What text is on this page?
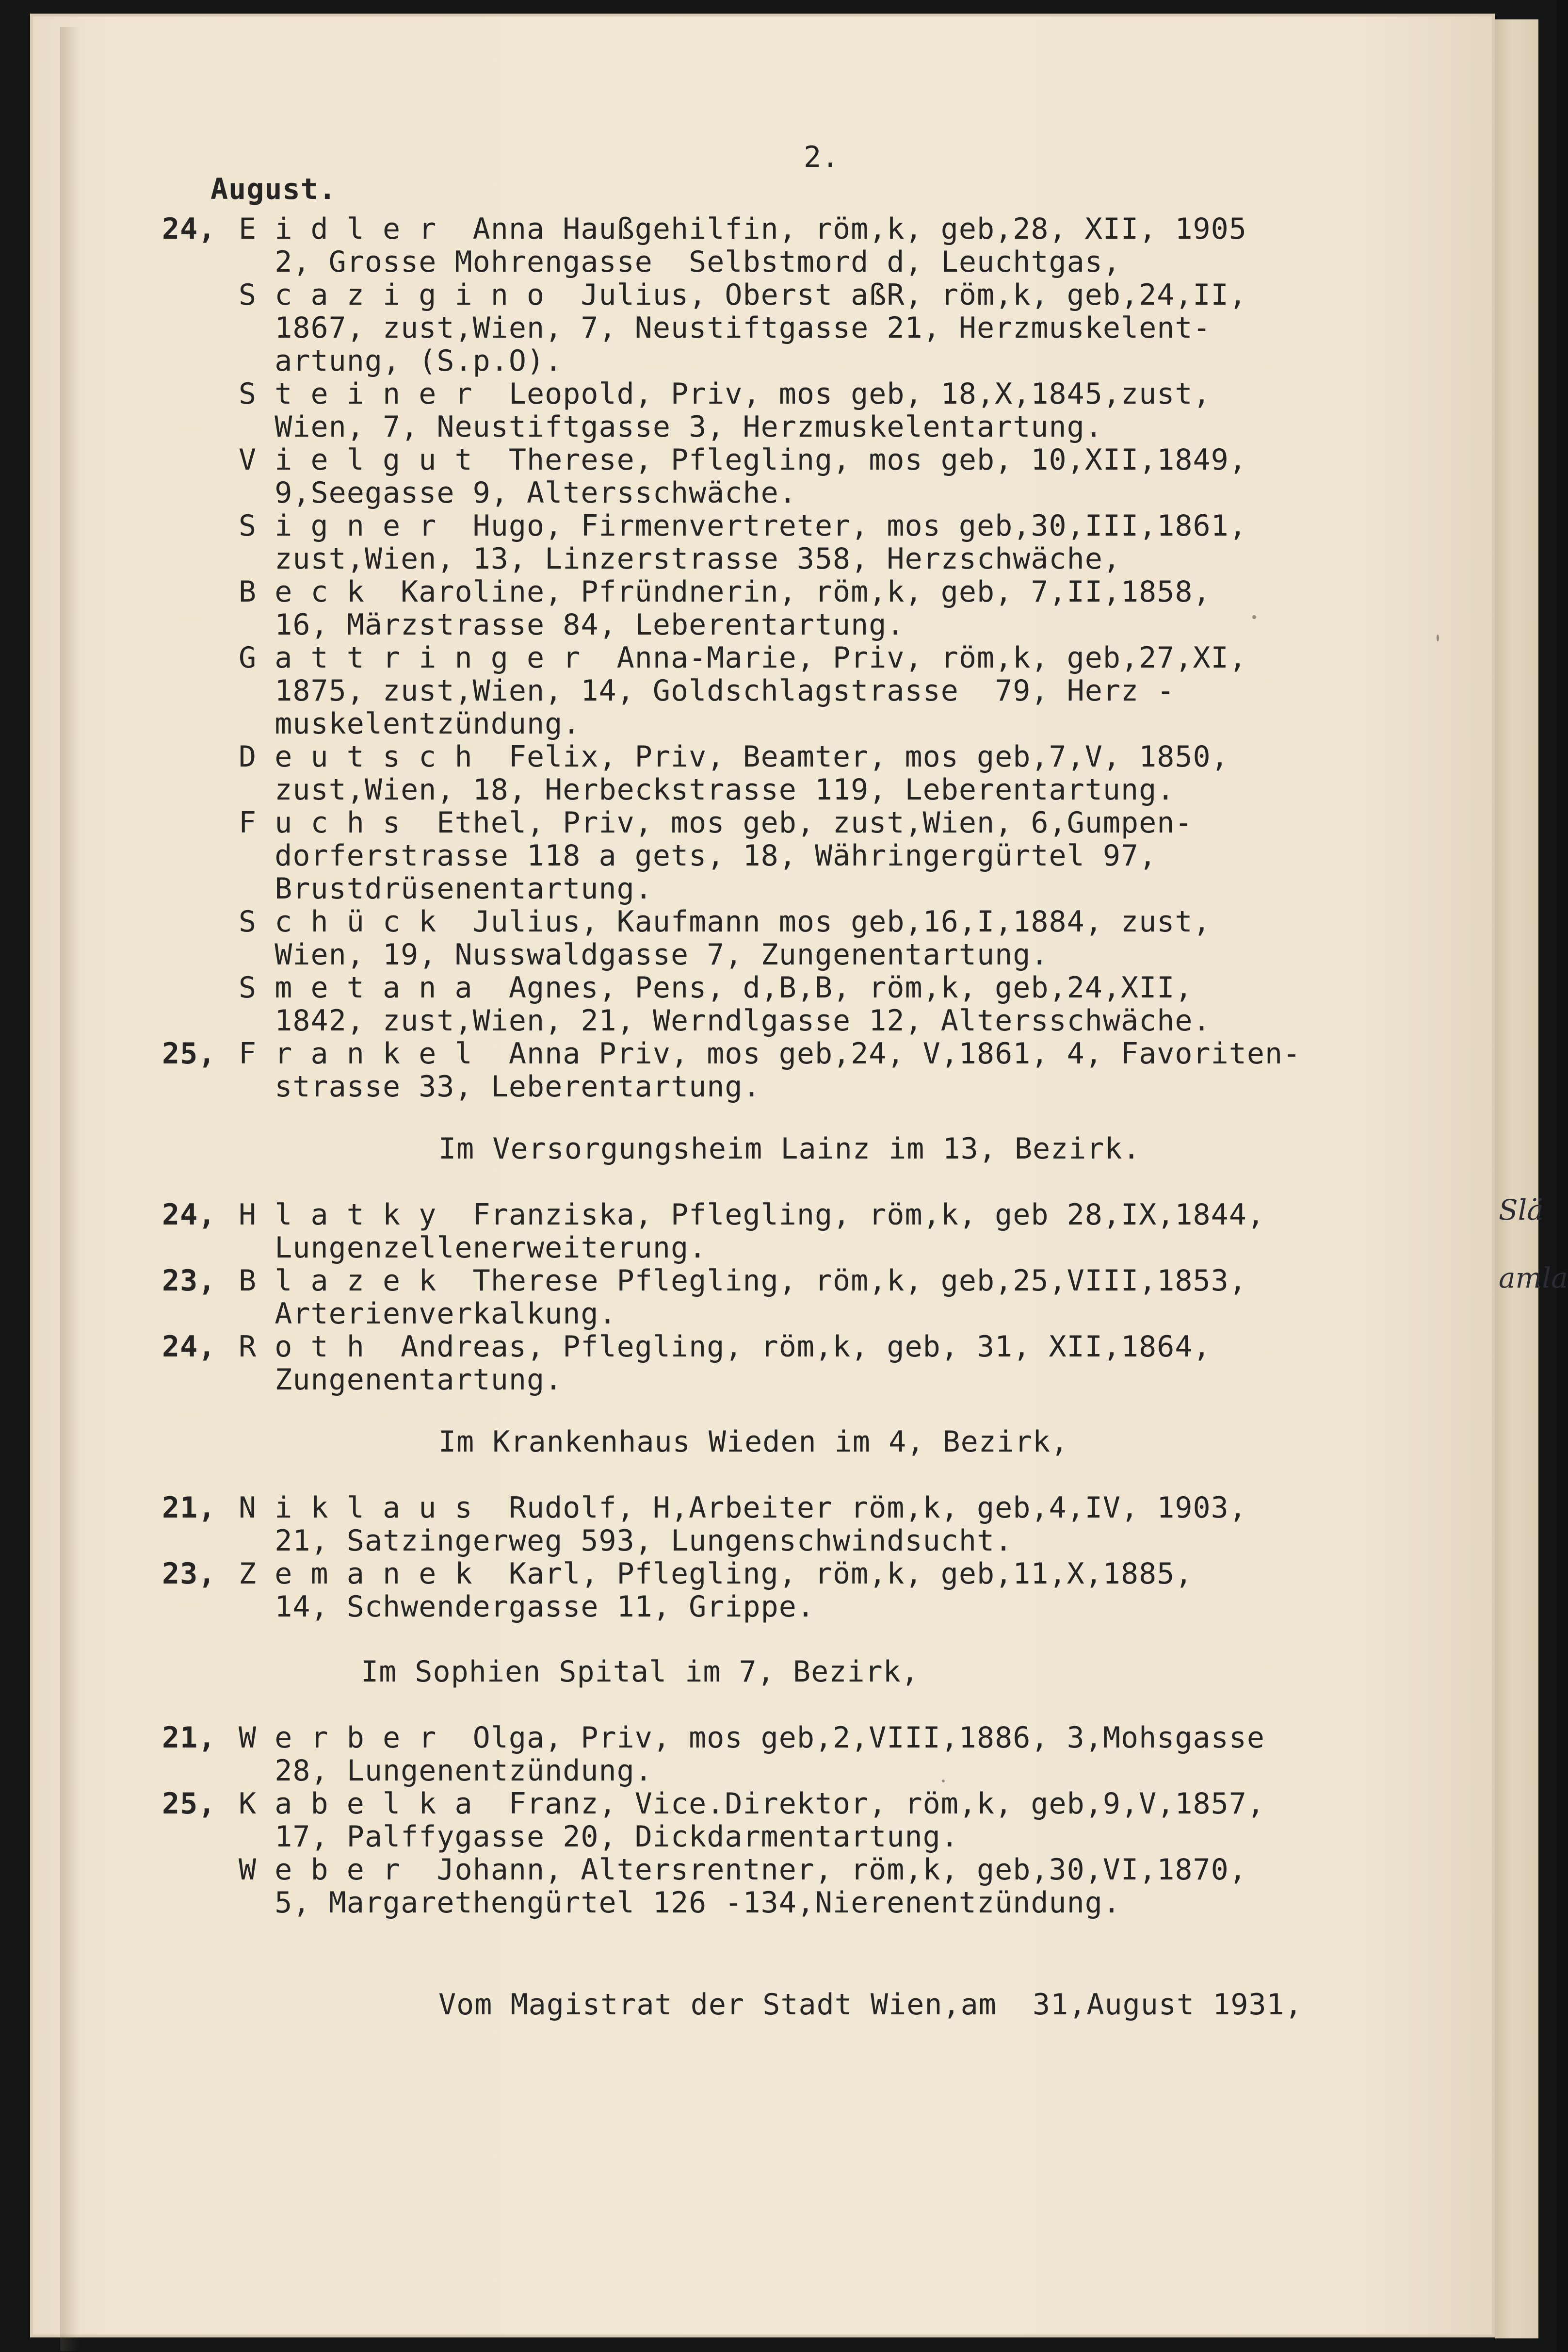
2.
August.
24, E i d l e r  Anna Haußgehilfin, röm,k, geb,28, XII, 1905
2, Grosse Mohrengasse  Selbstmord d, Leuchtgas,
S c a z i g i n o  Julius, Oberst aßR, röm,k, geb,24,II,
1867, zust,Wien, 7, Neustiftgasse 21, Herzmuskelent-
artung, (S.p.O).
S t e i n e r  Leopold, Priv, mos geb, 18,X,1845,zust,
Wien, 7, Neustiftgasse 3, Herzmuskelentartung.
V i e l g u t  Therese, Pflegling, mos geb, 10,XII,1849,
9,Seegasse 9, Altersschwäche.
S i g n e r  Hugo, Firmenvertreter, mos geb,30,III,1861,
zust,Wien, 13, Linzerstrasse 358, Herzschwäche,
B e c k  Karoline, Pfründnerin, röm,k, geb, 7,II,1858,
16, Märzstrasse 84, Leberentartung.
G a t t r i n g e r  Anna-Marie, Priv, röm,k, geb,27,XI,
1875, zust,Wien, 14, Goldschlagstrasse  79, Herz -
muskelentzündung.
D e u t s c h  Felix, Priv, Beamter, mos geb,7,V, 1850,
zust,Wien, 18, Herbeckstrasse 119, Leberentartung.
F u c h s  Ethel, Priv, mos geb, zust,Wien, 6,Gumpen-
dorferstrasse 118 a gets, 18, Währingergürtel 97,
Brustdrüsenentartung.
S c h ü c k  Julius, Kaufmann mos geb,16,I,1884, zust,
Wien, 19, Nusswaldgasse 7, Zungenentartung.
S m e t a n a  Agnes, Pens, d,B,B, röm,k, geb,24,XII,
1842, zust,Wien, 21, Werndlgasse 12, Altersschwäche.
25, F r a n k e l  Anna Priv, mos geb,24, V,1861, 4, Favoriten-
strasse 33, Leberentartung.
Im Versorgungsheim Lainz im 13, Bezirk.
24, H l a t k y  Franziska, Pflegling, röm,k, geb 28,IX,1844,
Lungenzellenerweiterung.
23, B l a z e k  Therese Pflegling, röm,k, geb,25,VIII,1853,
Arterienverkalkung.
24, R o t h  Andreas, Pflegling, röm,k, geb, 31, XII,1864,
Zungenentartung.
Im Krankenhaus Wieden im 4, Bezirk,
21, N i k l a u s  Rudolf, H,Arbeiter röm,k, geb,4,IV, 1903,
21, Satzingerweg 593, Lungenschwindsucht.
23, Z e m a n e k  Karl, Pflegling, röm,k, geb,11,X,1885,
14, Schwendergasse 11, Grippe.
Im Sophien Spital im 7, Bezirk,
21, W e r b e r  Olga, Priv, mos geb,2,VIII,1886, 3,Mohsgasse
28, Lungenentzündung.
25, K a b e l k a  Franz, Vice.Direktor, röm,k, geb,9,V,1857,
17, Palffygasse 20, Dickdarmentartung.
W e b e r  Johann, Altersrentner, röm,k, geb,30,VI,1870,
5, Margarethengürtel 126 -134,Nierenentzündung.
Vom Magistrat der Stadt Wien,am  31,August 1931,
Slä
amla
